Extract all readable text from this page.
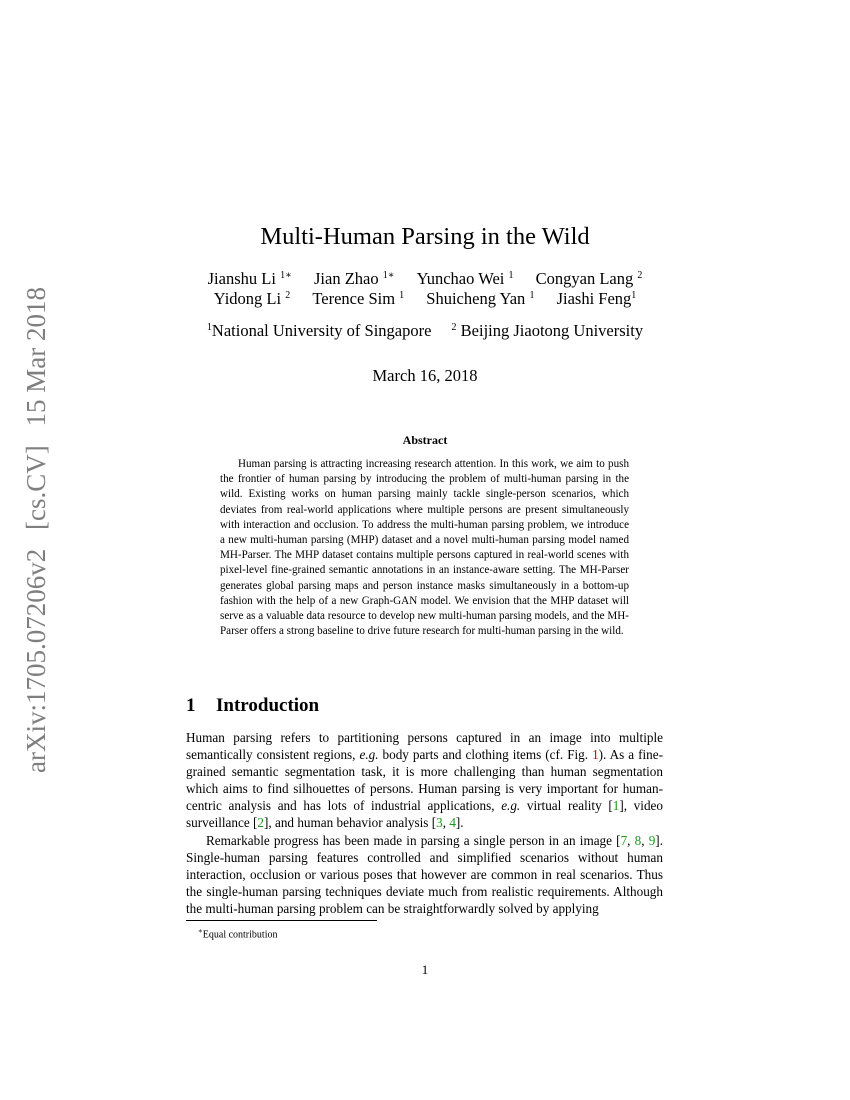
arXiv:1705.07206v2 [cs.CV] 15 Mar 2018
Multi-Human Parsing in the Wild
Jianshu Li $^{1∗}$ Jian Zhao $^{1∗}$ Yunchao Wei $^1$ Congyan Lang $^2$
Yidong Li $^2$ Terence Sim $^1$ Shuicheng Yan $^1$ Jiashi Feng$^1$
$^1$National University of Singapore $^2$ Beijing Jiaotong University
March 16, 2018
Abstract
Human parsing is attracting increasing research attention. In this work, we aim to push the frontier of human parsing by introducing the problem of multi-human parsing in the wild. Existing works on human parsing mainly tackle single-person scenarios, which deviates from real-world applications where multiple persons are present simultaneously with interaction and occlusion. To address the multi-human parsing problem, we introduce a new multi-human parsing (MHP) dataset and a novel multi-human parsing model named MH-Parser. The MHP dataset contains multiple persons captured in real-world scenes with pixel-level fine-grained semantic annotations in an instance-aware setting. The MH-Parser generates global parsing maps and person instance masks simultaneously in a bottom-up fashion with the help of a new Graph-GAN model. We envision that the MHP dataset will serve as a valuable data resource to develop new multi-human parsing models, and the MH-Parser offers a strong baseline to drive future research for multi-human parsing in the wild.
1 Introduction

Human parsing refers to partitioning persons captured in an image into multiple semantically consistent regions, e.g. body parts and clothing items (cf. Fig. 1). As a fine-grained semantic segmentation task, it is more challenging than human segmentation which aims to find silhouettes of persons. Human parsing is very important for human-centric analysis and has lots of industrial applications, e.g. virtual reality [1], video surveillance [2], and human behavior analysis [3, 4].

Remarkable progress has been made in parsing a single person in an image [7, 8, 9]. Single-human parsing features controlled and simplified scenarios without human interaction, occlusion or various poses that however are common in real scenarios. Thus the single-human parsing techniques deviate much from realistic requirements. Although the multi-human parsing problem can be straightforwardly solved by applying

∗Equal contribution
1
